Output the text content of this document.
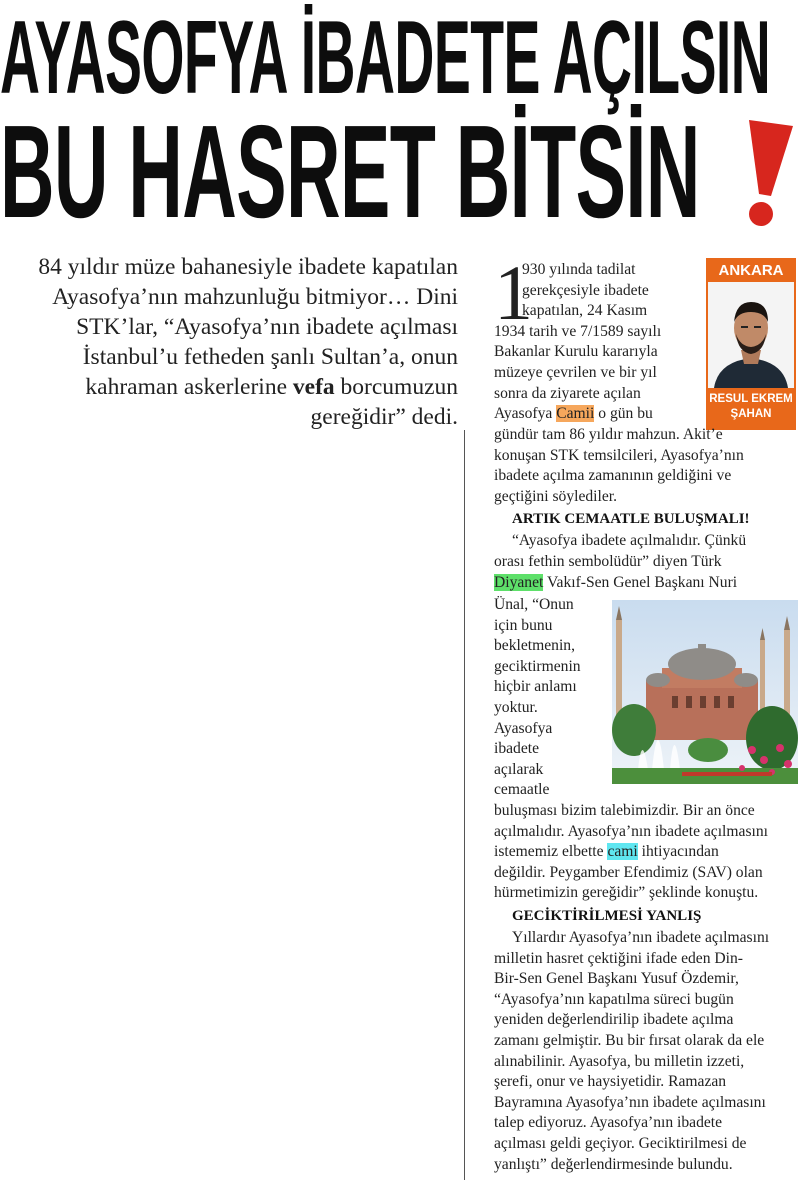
AYASOFYA İBADETE AÇILSIN
BU HASRET BİTSİN
84 yıldır müze bahanesiyle ibadete kapatılan Ayasofya’nın mahzunluğu bitmiyor… Dini STK’lar, “Ayasofya’nın ibadete açılması İstanbul’u fetheden şanlı Sultan’a, onun kahraman askerlerine vefa borcumuzun gereğidir” dedi.
1
930 yılında tadilat
gerekçesiyle ibadete
kapatılan, 24 Kasım
1934 tarih ve 7/1589 sayılı
Bakanlar Kurulu kararıyla
müzeye çevrilen ve bir yıl
sonra da ziyarete açılan
Ayasofya Camii o gün bu
ANKARA
RESUL EKREM
ŞAHAN
gündür tam 86 yıldır mahzun. Akit’e
konuşan STK temsilcileri, Ayasofya’nın
ibadete açılma zamanının geldiğini ve
geçtiğini söylediler.
ARTIK CEMAATLE BULUŞMALI!
“Ayasofya ibadete açılmalıdır. Çünkü
orası fethin sembolüdür” diyen Türk
Diyanet Vakıf-Sen Genel Başkanı Nuri
Ünal, “Onun
için bunu
bekletmenin,
geciktirmenin
hiçbir anlamı
yoktur.
Ayasofya
ibadete
açılarak
cemaatle
buluşması bizim talebimizdir. Bir an önce
açılmalıdır. Ayasofya’nın ibadete açılmasını
istememiz elbette cami ihtiyacından
değildir. Peygamber Efendimiz (SAV) olan
hürmetimizin gereğidir” şeklinde konuştu.
GECİKTİRİLMESİ YANLIŞ
Yıllardır Ayasofya’nın ibadete açılmasını
milletin hasret çektiğini ifade eden Din-
Bir-Sen Genel Başkanı Yusuf Özdemir,
“Ayasofya’nın kapatılma süreci bugün
yeniden değerlendirilip ibadete açılma
zamanı gelmiştir. Bu bir fırsat olarak da ele
alınabilinir. Ayasofya, bu milletin izzeti,
şerefi, onur ve haysiyetidir. Ramazan
Bayramına Ayasofya’nın ibadete açılmasını
talep ediyoruz. Ayasofya’nın ibadete
açılması geldi geçiyor. Geciktirilmesi de
yanlıştı” değerlendirmesinde bulundu.
